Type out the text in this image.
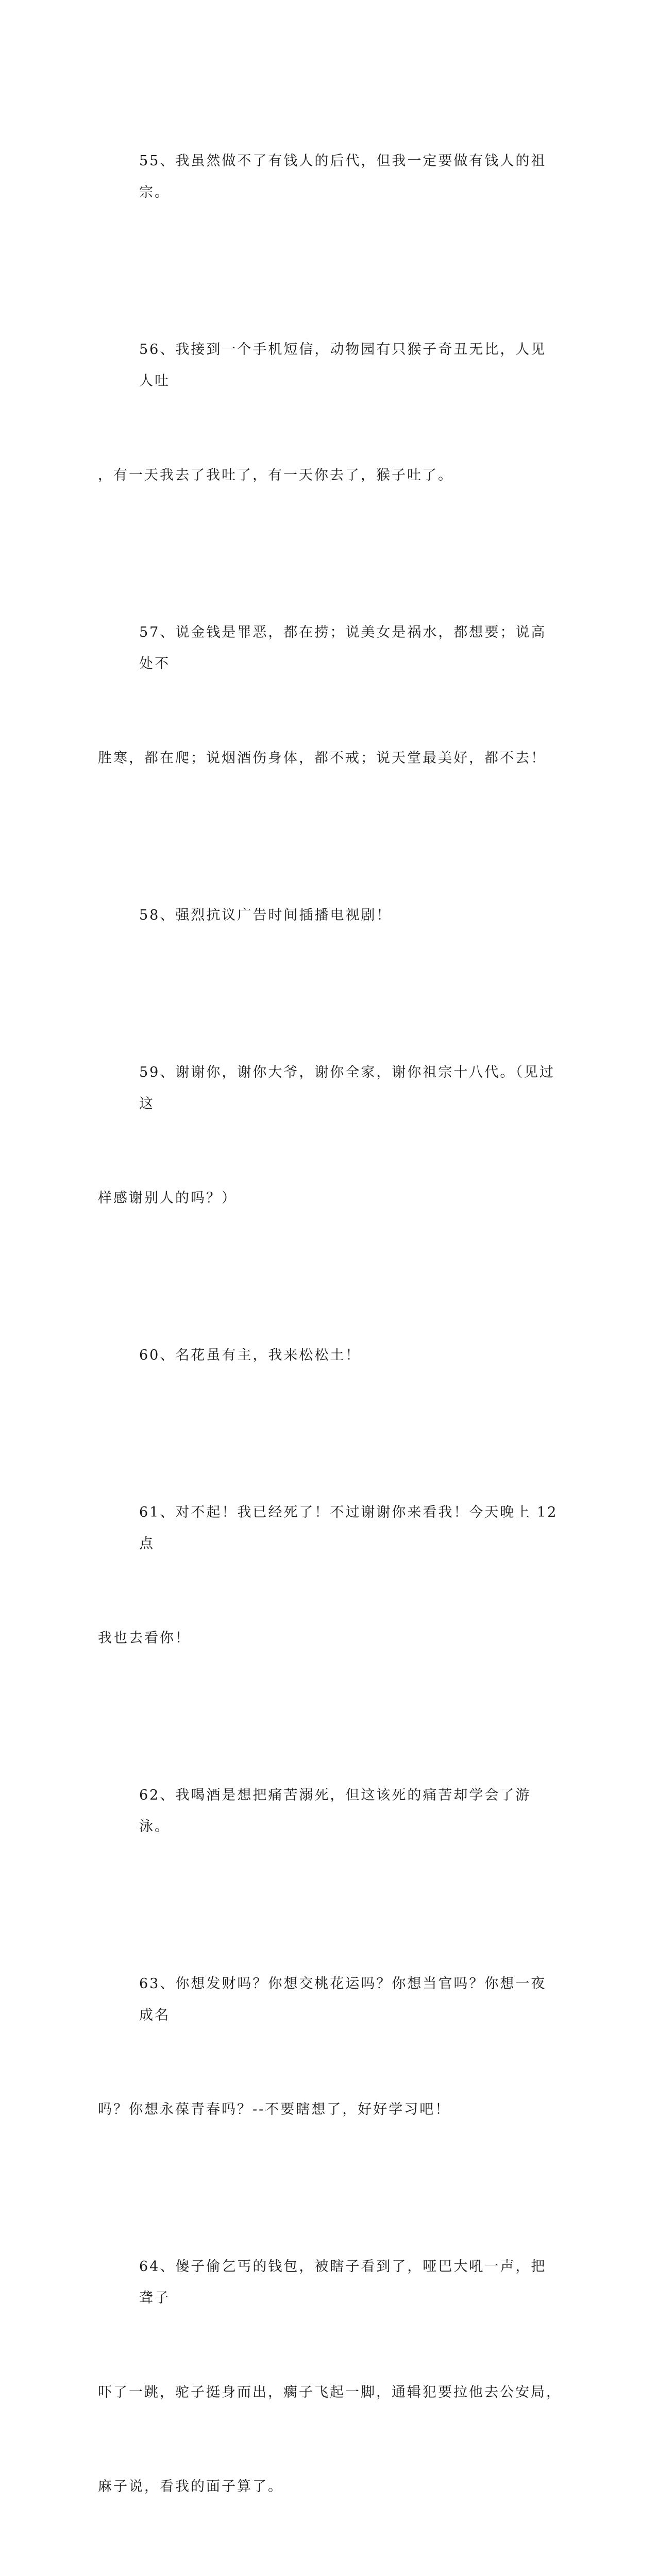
55、我虽然做不了有钱人的后代，但我一定要做有钱人的祖宗。

56、我接到一个手机短信，动物园有只猴子奇丑无比，人见人吐

，有一天我去了我吐了，有一天你去了，猴子吐了。

57、说金钱是罪恶，都在捞；说美女是祸水，都想要；说高处不

胜寒，都在爬；说烟酒伤身体，都不戒；说天堂最美好，都不去！

58、强烈抗议广告时间插播电视剧！

59、谢谢你，谢你大爷，谢你全家，谢你祖宗十八代。（见过这

样感谢别人的吗？）

60、名花虽有主，我来松松土！

61、对不起！我已经死了！不过谢谢你来看我！今天晚上 12 点

我也去看你！

62、我喝酒是想把痛苦溺死，但这该死的痛苦却学会了游泳。

63、你想发财吗？你想交桃花运吗？你想当官吗？你想一夜成名

吗？你想永葆青春吗？--不要瞎想了，好好学习吧！

64、傻子偷乞丐的钱包，被瞎子看到了，哑巴大吼一声，把聋子

吓了一跳，驼子挺身而出，瘸子飞起一脚，通辑犯要拉他去公安局，

麻子说，看我的面子算了。
